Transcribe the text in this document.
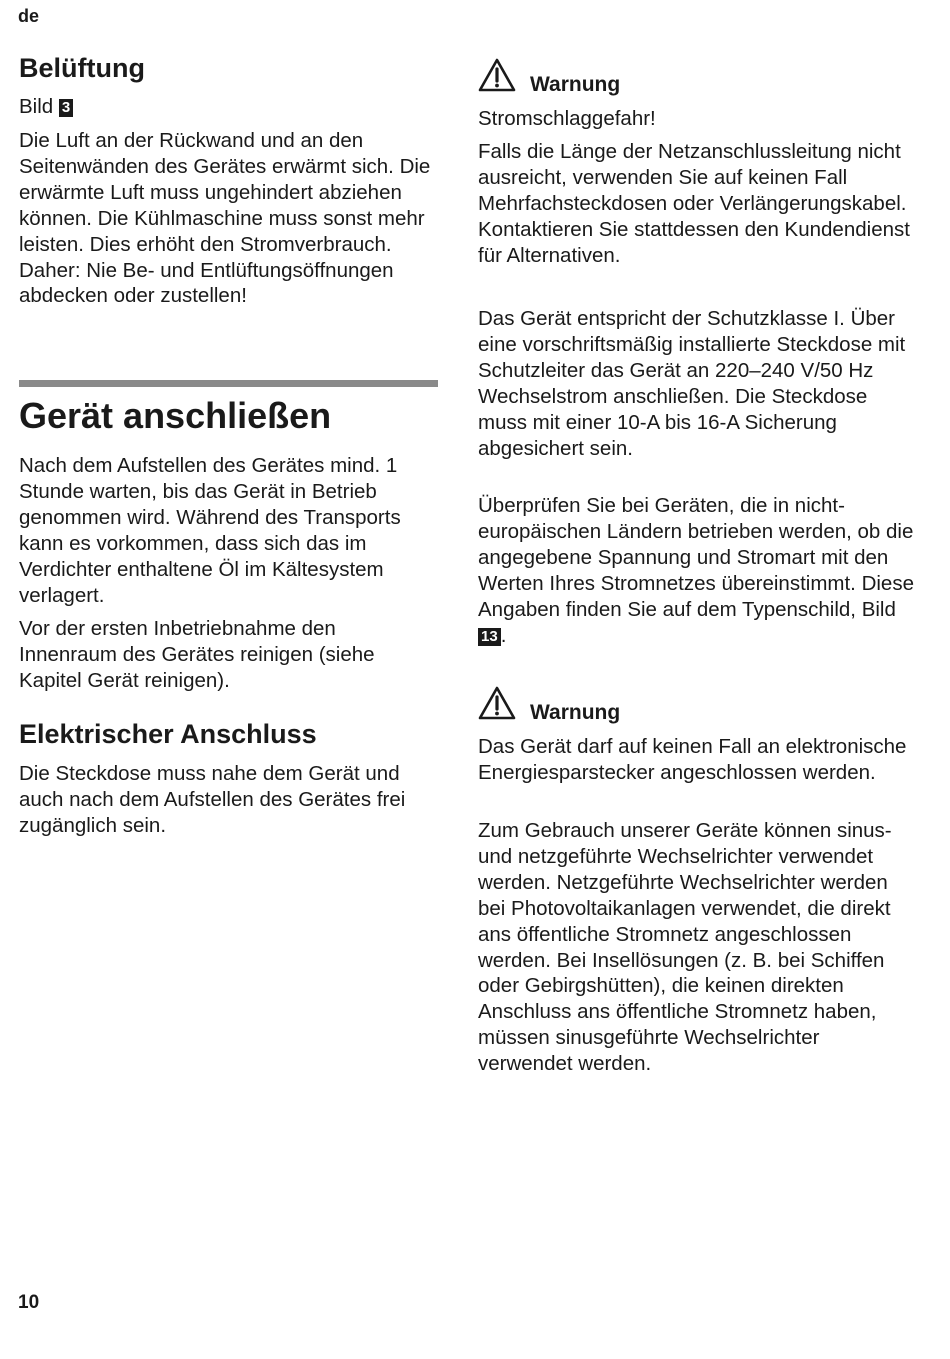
de
Belüftung

Bild 3

Die Luft an der Rückwand und an den Seitenwänden des Gerätes erwärmt sich. Die erwärmte Luft muss ungehindert abziehen können. Die Kühlmaschine muss sonst mehr leisten. Dies erhöht den Stromverbrauch. Daher: Nie Be- und Entlüftungsöffnungen abdecken oder zustellen!

Gerät anschließen

Nach dem Aufstellen des Gerätes mind. 1 Stunde warten, bis das Gerät in Betrieb genommen wird. Während des Transports kann es vorkommen, dass sich das im Verdichter enthaltene Öl im Kältesystem verlagert.

Vor der ersten Inbetriebnahme den Innenraum des Gerätes reinigen (siehe Kapitel Gerät reinigen).

Elektrischer Anschluss

Die Steckdose muss nahe dem Gerät und auch nach dem Aufstellen des Gerätes frei zugänglich sein.

Warnung

Stromschlaggefahr!

Falls die Länge der Netzanschlussleitung nicht ausreicht, verwenden Sie auf keinen Fall Mehrfachsteckdosen oder Verlängerungskabel. Kontaktieren Sie stattdessen den Kundendienst für Alternativen.

Das Gerät entspricht der Schutzklasse I. Über eine vorschriftsmäßig installierte Steckdose mit Schutzleiter das Gerät an 220–240 V/50 Hz Wechselstrom anschließen. Die Steckdose muss mit einer 10-A bis 16-A Sicherung abgesichert sein.

Überprüfen Sie bei Geräten, die in nicht-europäischen Ländern betrieben werden, ob die angegebene Spannung und Stromart mit den Werten Ihres Stromnetzes übereinstimmt. Diese Angaben finden Sie auf dem Typenschild, Bild 13 .

Warnung

Das Gerät darf auf keinen Fall an elektronische Energiesparstecker angeschlossen werden.

Zum Gebrauch unserer Geräte können sinus- und netzgeführte Wechselrichter verwendet werden. Netzgeführte Wechselrichter werden bei Photovoltaikanlagen verwendet, die direkt ans öffentliche Stromnetz angeschlossen werden. Bei Insellösungen (z. B. bei Schiffen oder Gebirgshütten), die keinen direkten Anschluss ans öffentliche Stromnetz haben, müssen sinusgeführte Wechselrichter verwendet werden.

10
